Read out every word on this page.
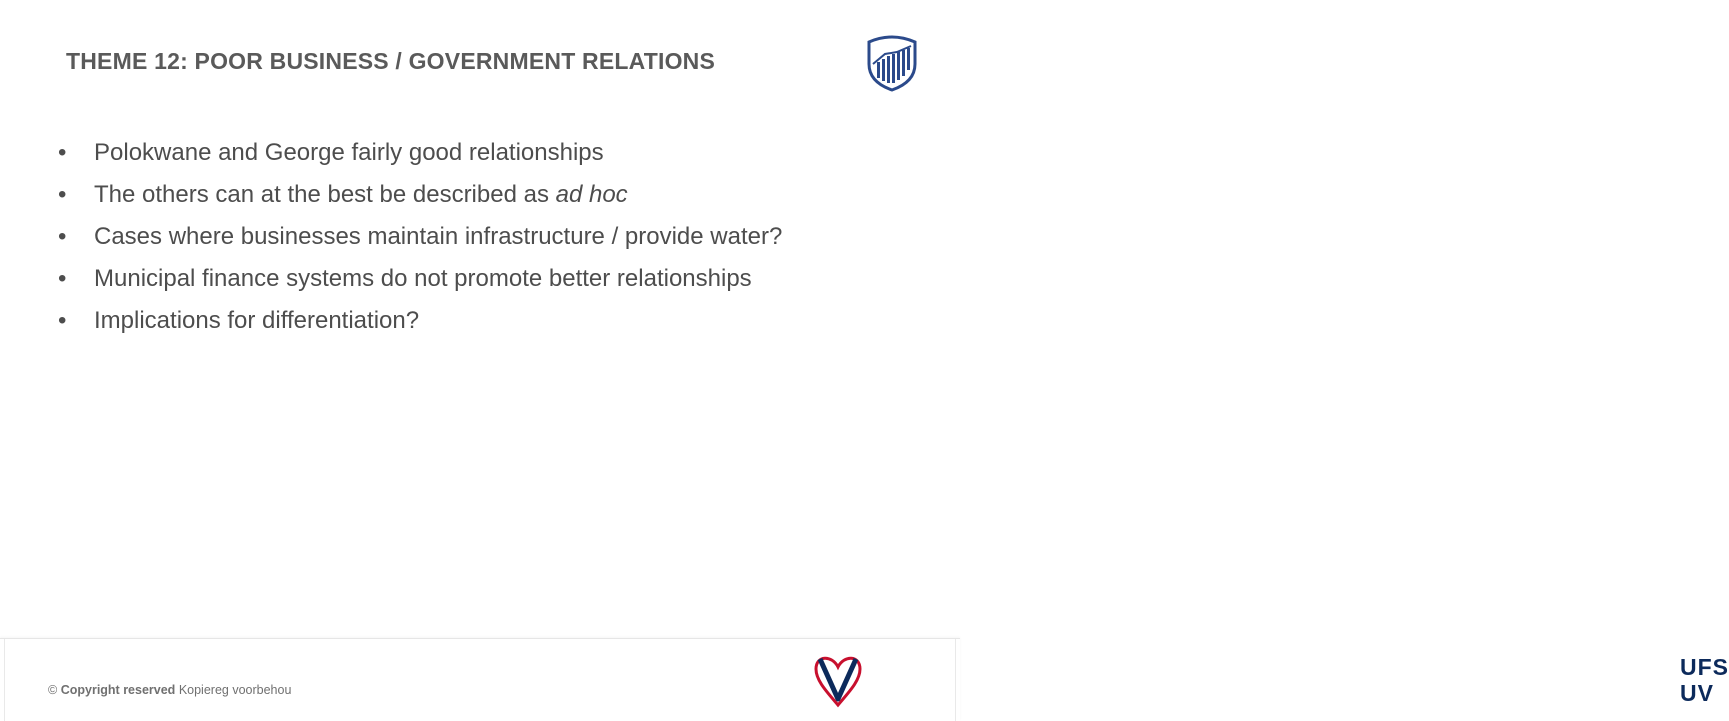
THEME 12: POOR BUSINESS / GOVERNMENT RELATIONS
•	Polokwane and George fairly good relationships
•	The others can at the best be described as ad hoc
•	Cases where businesses maintain infrastructure / provide water?
•	Municipal finance systems do not promote better relationships
•	Implications for differentiation?
© Copyright reserved Kopiereg voorbehou
UFS
UV
